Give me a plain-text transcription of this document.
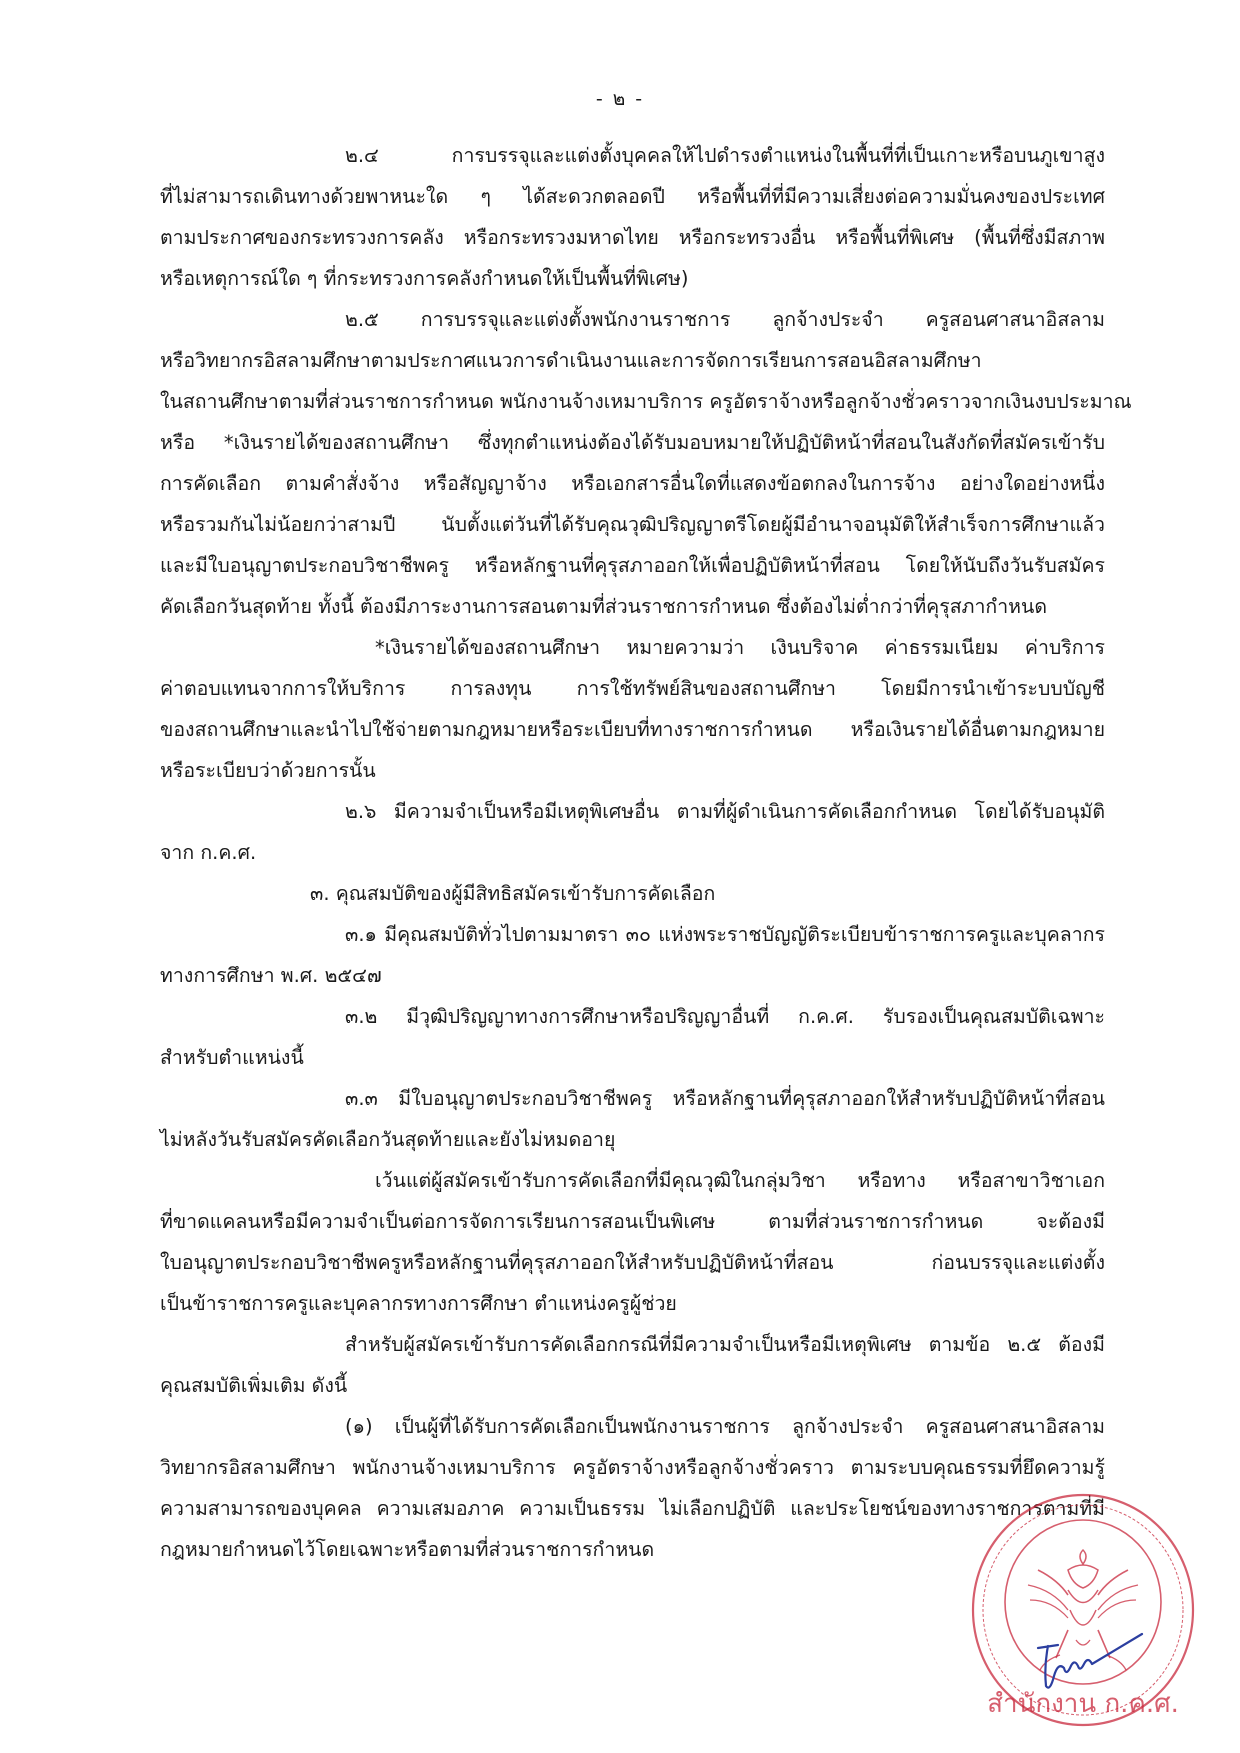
- ๒ -
๒.๔ การบรรจุและแต่งตั้งบุคคลให้ไปดำรงตำแหน่งในพื้นที่ที่เป็นเกาะหรือบนภูเขาสูง
ที่ไม่สามารถเดินทางด้วยพาหนะใด ๆ ได้สะดวกตลอดปี หรือพื้นที่ที่มีความเสี่ยงต่อความมั่นคงของประเทศ
ตามประกาศของกระทรวงการคลัง หรือกระทรวงมหาดไทย หรือกระทรวงอื่น หรือพื้นที่พิเศษ (พื้นที่ซึ่งมีสภาพ
หรือเหตุการณ์ใด ๆ ที่กระทรวงการคลังกำหนดให้เป็นพื้นที่พิเศษ)
๒.๕ การบรรจุและแต่งตั้งพนักงานราชการ ลูกจ้างประจำ ครูสอนศาสนาอิสลาม
หรือวิทยากรอิสลามศึกษาตามประกาศแนวการดำเนินงานและการจัดการเรียนการสอนอิสลามศึกษา
ในสถานศึกษาตามที่ส่วนราชการกำหนด พนักงานจ้างเหมาบริการ ครูอัตราจ้างหรือลูกจ้างชั่วคราวจากเงินงบประมาณ
หรือ *เงินรายได้ของสถานศึกษา ซึ่งทุกตำแหน่งต้องได้รับมอบหมายให้ปฏิบัติหน้าที่สอนในสังกัดที่สมัครเข้ารับ
การคัดเลือก ตามคำสั่งจ้าง หรือสัญญาจ้าง หรือเอกสารอื่นใดที่แสดงข้อตกลงในการจ้าง อย่างใดอย่างหนึ่ง
หรือรวมกันไม่น้อยกว่าสามปี นับตั้งแต่วันที่ได้รับคุณวุฒิปริญญาตรีโดยผู้มีอำนาจอนุมัติให้สำเร็จการศึกษาแล้ว
และมีใบอนุญาตประกอบวิชาชีพครู หรือหลักฐานที่คุรุสภาออกให้เพื่อปฏิบัติหน้าที่สอน โดยให้นับถึงวันรับสมัคร
คัดเลือกวันสุดท้าย ทั้งนี้ ต้องมีภาระงานการสอนตามที่ส่วนราชการกำหนด ซึ่งต้องไม่ต่ำกว่าที่คุรุสภากำหนด
*เงินรายได้ของสถานศึกษา หมายความว่า เงินบริจาค ค่าธรรมเนียม ค่าบริการ
ค่าตอบแทนจากการให้บริการ การลงทุน การใช้ทรัพย์สินของสถานศึกษา โดยมีการนำเข้าระบบบัญชี
ของสถานศึกษาและนำไปใช้จ่ายตามกฎหมายหรือระเบียบที่ทางราชการกำหนด หรือเงินรายได้อื่นตามกฎหมาย
หรือระเบียบว่าด้วยการนั้น
๒.๖ มีความจำเป็นหรือมีเหตุพิเศษอื่น ตามที่ผู้ดำเนินการคัดเลือกกำหนด โดยได้รับอนุมัติ
จาก ก.ค.ศ.
๓. คุณสมบัติของผู้มีสิทธิสมัครเข้ารับการคัดเลือก
๓.๑ มีคุณสมบัติทั่วไปตามมาตรา ๓๐ แห่งพระราชบัญญัติระเบียบข้าราชการครูและบุคลากร
ทางการศึกษา พ.ศ. ๒๕๔๗
๓.๒ มีวุฒิปริญญาทางการศึกษาหรือปริญญาอื่นที่ ก.ค.ศ. รับรองเป็นคุณสมบัติเฉพาะ
สำหรับตำแหน่งนี้
๓.๓ มีใบอนุญาตประกอบวิชาชีพครู หรือหลักฐานที่คุรุสภาออกให้สำหรับปฏิบัติหน้าที่สอน
ไม่หลังวันรับสมัครคัดเลือกวันสุดท้ายและยังไม่หมดอายุ
เว้นแต่ผู้สมัครเข้ารับการคัดเลือกที่มีคุณวุฒิในกลุ่มวิชา หรือทาง หรือสาขาวิชาเอก
ที่ขาดแคลนหรือมีความจำเป็นต่อการจัดการเรียนการสอนเป็นพิเศษ ตามที่ส่วนราชการกำหนด จะต้องมี
ใบอนุญาตประกอบวิชาชีพครูหรือหลักฐานที่คุรุสภาออกให้สำหรับปฏิบัติหน้าที่สอน ก่อนบรรจุและแต่งตั้ง
เป็นข้าราชการครูและบุคลากรทางการศึกษา ตำแหน่งครูผู้ช่วย
สำหรับผู้สมัครเข้ารับการคัดเลือกกรณีที่มีความจำเป็นหรือมีเหตุพิเศษ ตามข้อ ๒.๕ ต้องมี
คุณสมบัติเพิ่มเติม ดังนี้
(๑) เป็นผู้ที่ได้รับการคัดเลือกเป็นพนักงานราชการ ลูกจ้างประจำ ครูสอนศาสนาอิสลาม
วิทยากรอิสลามศึกษา พนักงานจ้างเหมาบริการ ครูอัตราจ้างหรือลูกจ้างชั่วคราว ตามระบบคุณธรรมที่ยึดความรู้
ความสามารถของบุคคล ความเสมอภาค ความเป็นธรรม ไม่เลือกปฏิบัติ และประโยชน์ของทางราชการตามที่มี
กฎหมายกำหนดไว้โดยเฉพาะหรือตามที่ส่วนราชการกำหนด
สำนักงาน ก.ค.ศ.
